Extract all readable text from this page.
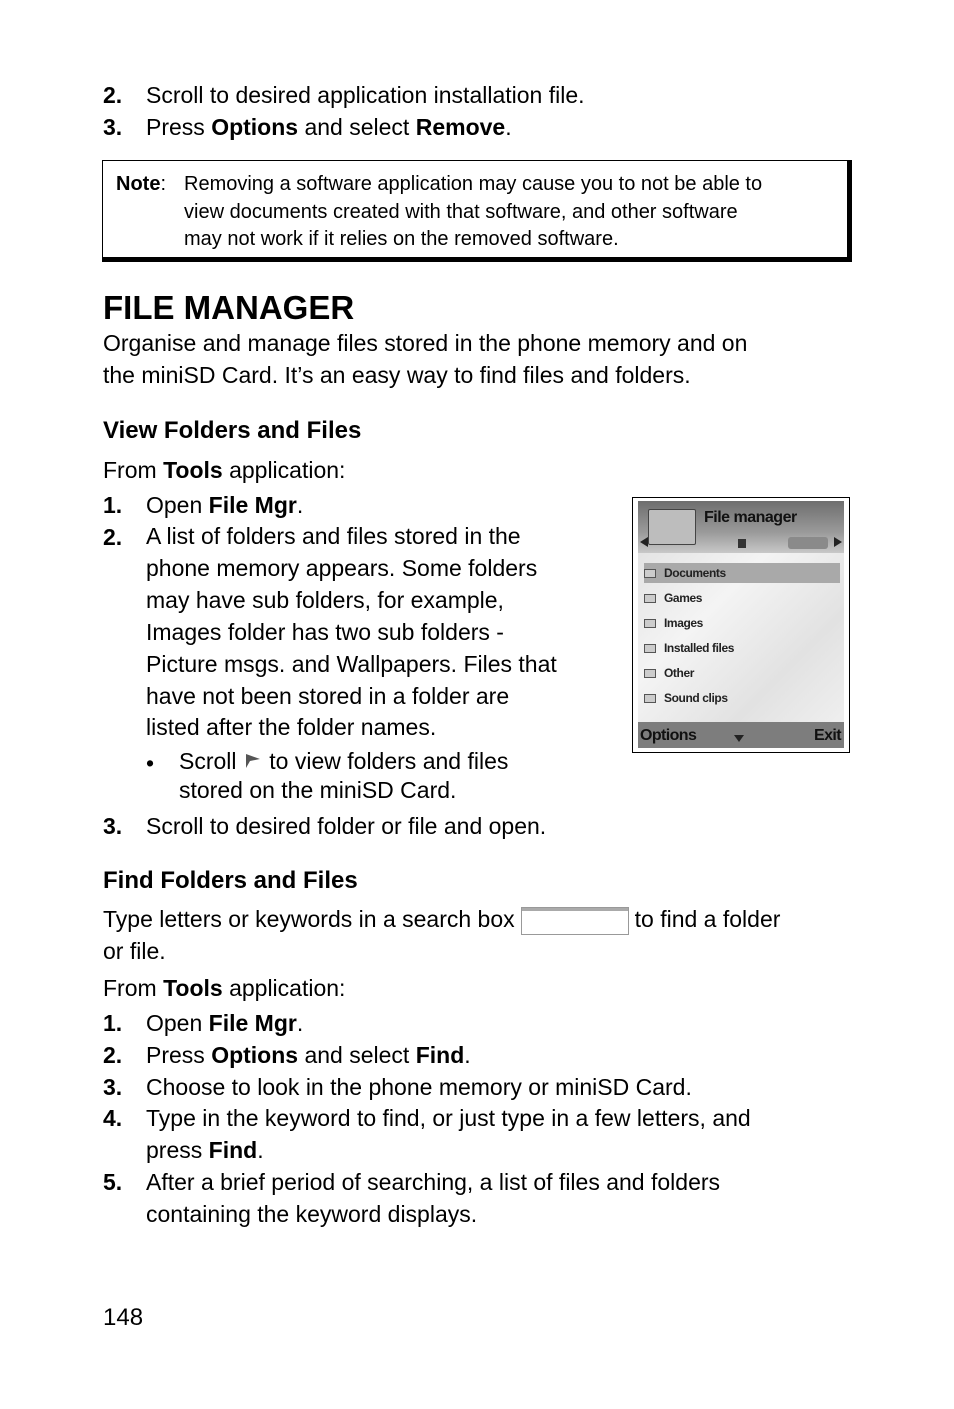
2. Scroll to desired application installation file.
3. Press Options and select Remove.
Note: Removing a software application may cause you to not be able to
view documents created with that software, and other software
may not work if it relies on the removed software.
FILE MANAGER
Organise and manage files stored in the phone memory and on
the miniSD Card. It’s an easy way to find files and folders.
View Folders and Files
From Tools application:
1. Open File Mgr.
2. A list of folders and files stored in the
phone memory appears. Some folders
may have sub folders, for example,
Images folder has two sub folders -
Picture msgs. and Wallpapers. Files that
have not been stored in a folder are
listed after the folder names.
• Scroll  to view folders and files
stored on the miniSD Card.
3. Scroll to desired folder or file and open.
File manager
Documents
Games
Images
Installed files
Other
Sound clips
Options	Exit
Find Folders and Files
Type letters or keywords in a search box	to find a folder
or file.
From Tools application:
1. Open File Mgr.
2. Press Options and select Find.
3. Choose to look in the phone memory or miniSD Card.
4. Type in the keyword to find, or just type in a few letters, and
press Find.
5. After a brief period of searching, a list of files and folders
containing the keyword displays.
148
